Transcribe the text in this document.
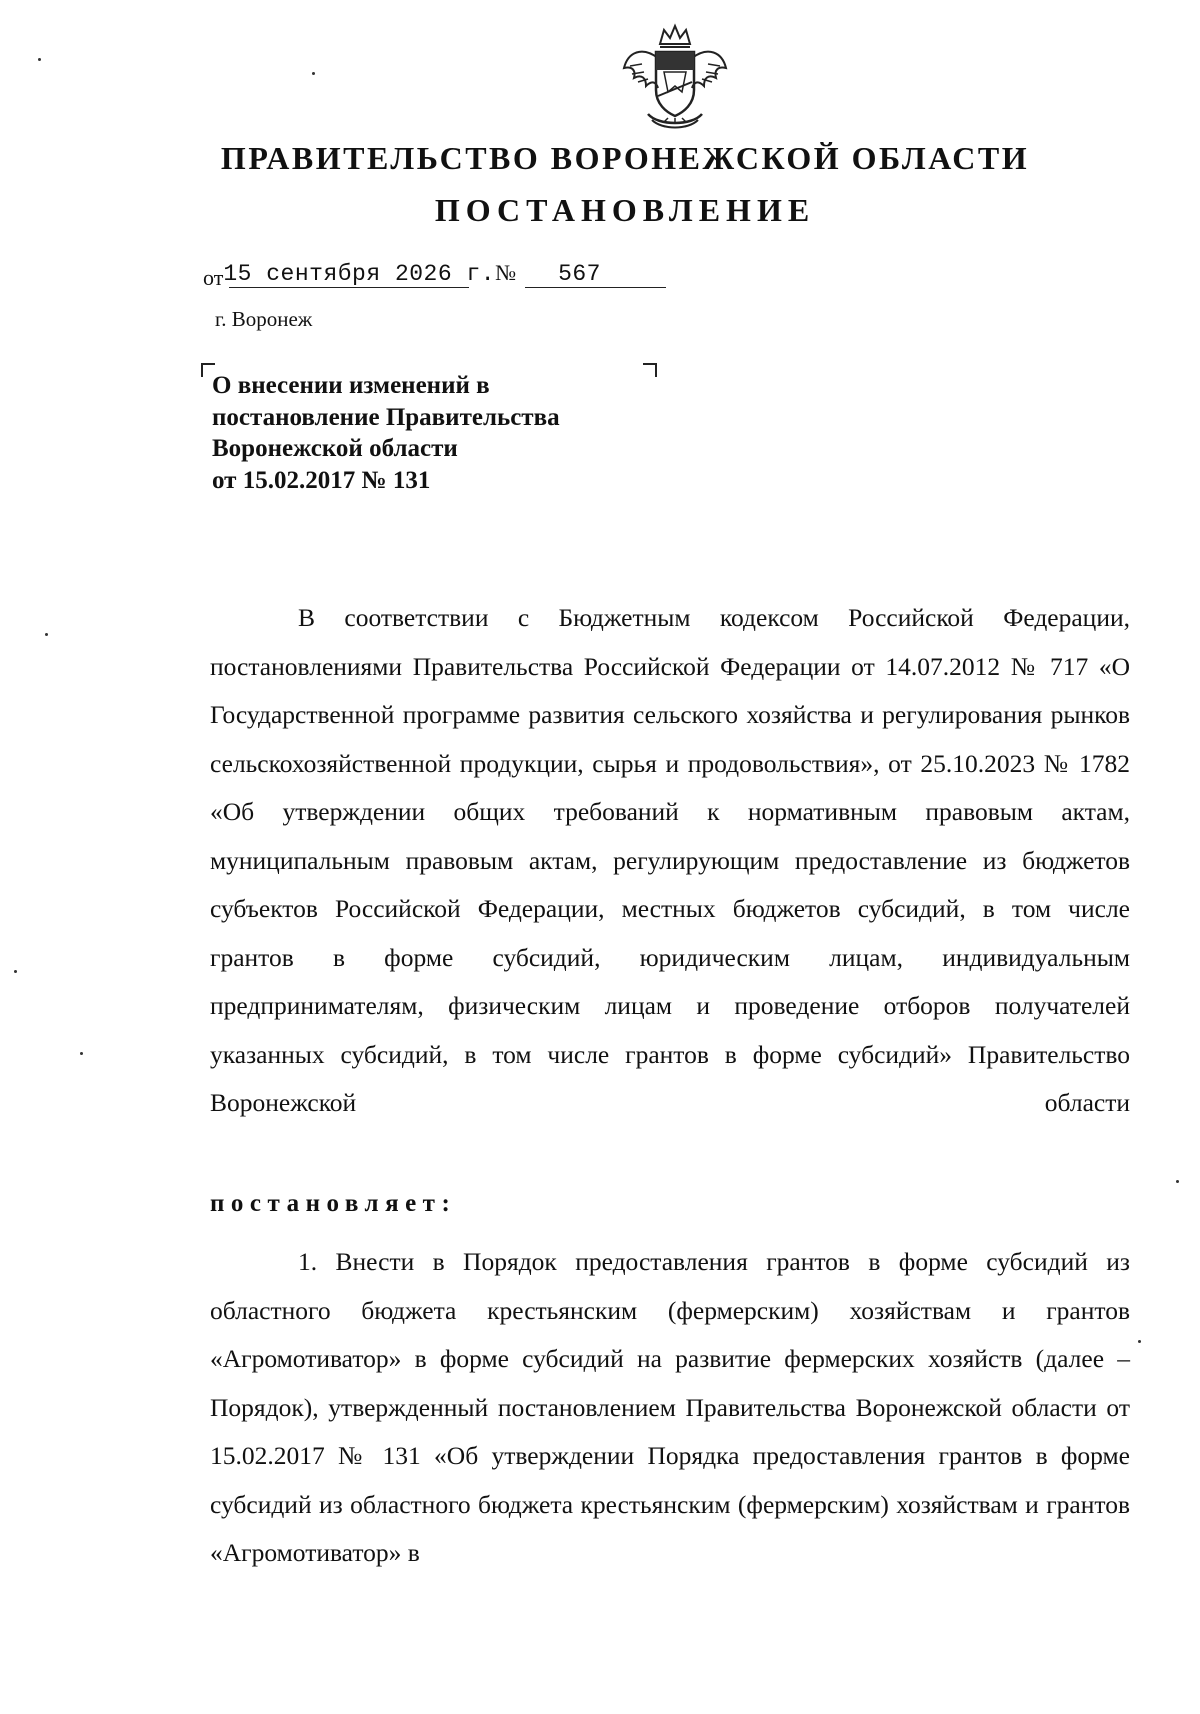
ПРАВИТЕЛЬСТВО ВОРОНЕЖСКОЙ ОБЛАСТИ
ПОСТАНОВЛЕНИЕ
от15 сентября 2026 г.№ 567
г. Воронеж
О внесении изменений в
постановление Правительства
Воронежской области
от 15.02.2017 № 131
В соответствии с Бюджетным кодексом Российской Федерации, постановлениями Правительства Российской Федерации от 14.07.2012 № 717 «О Государственной программе развития сельского хозяйства и регулирования рынков сельскохозяйственной продукции, сырья и продовольствия», от 25.10.2023 № 1782 «Об утверждении общих требований к нормативным правовым актам, муниципальным правовым актам, регулирующим предоставление из бюджетов субъектов Российской Федерации, местных бюджетов субсидий, в том числе грантов в форме субсидий, юридическим лицам, индивидуальным предпринимателям, физическим лицам и проведение отборов получателей указанных субсидий, в том числе грантов в форме субсидий» Правительство Воронежской области
постановляет:
1. Внести в Порядок предоставления грантов в форме субсидий из областного бюджета крестьянским (фермерским) хозяйствам и грантов «Агромотиватор» в форме субсидий на развитие фермерских хозяйств (далее – Порядок), утвержденный постановлением Правительства Воронежской области от 15.02.2017 № 131 «Об утверждении Порядка предоставления грантов в форме субсидий из областного бюджета крестьянским (фермерским) хозяйствам и грантов «Агромотиватор» в
